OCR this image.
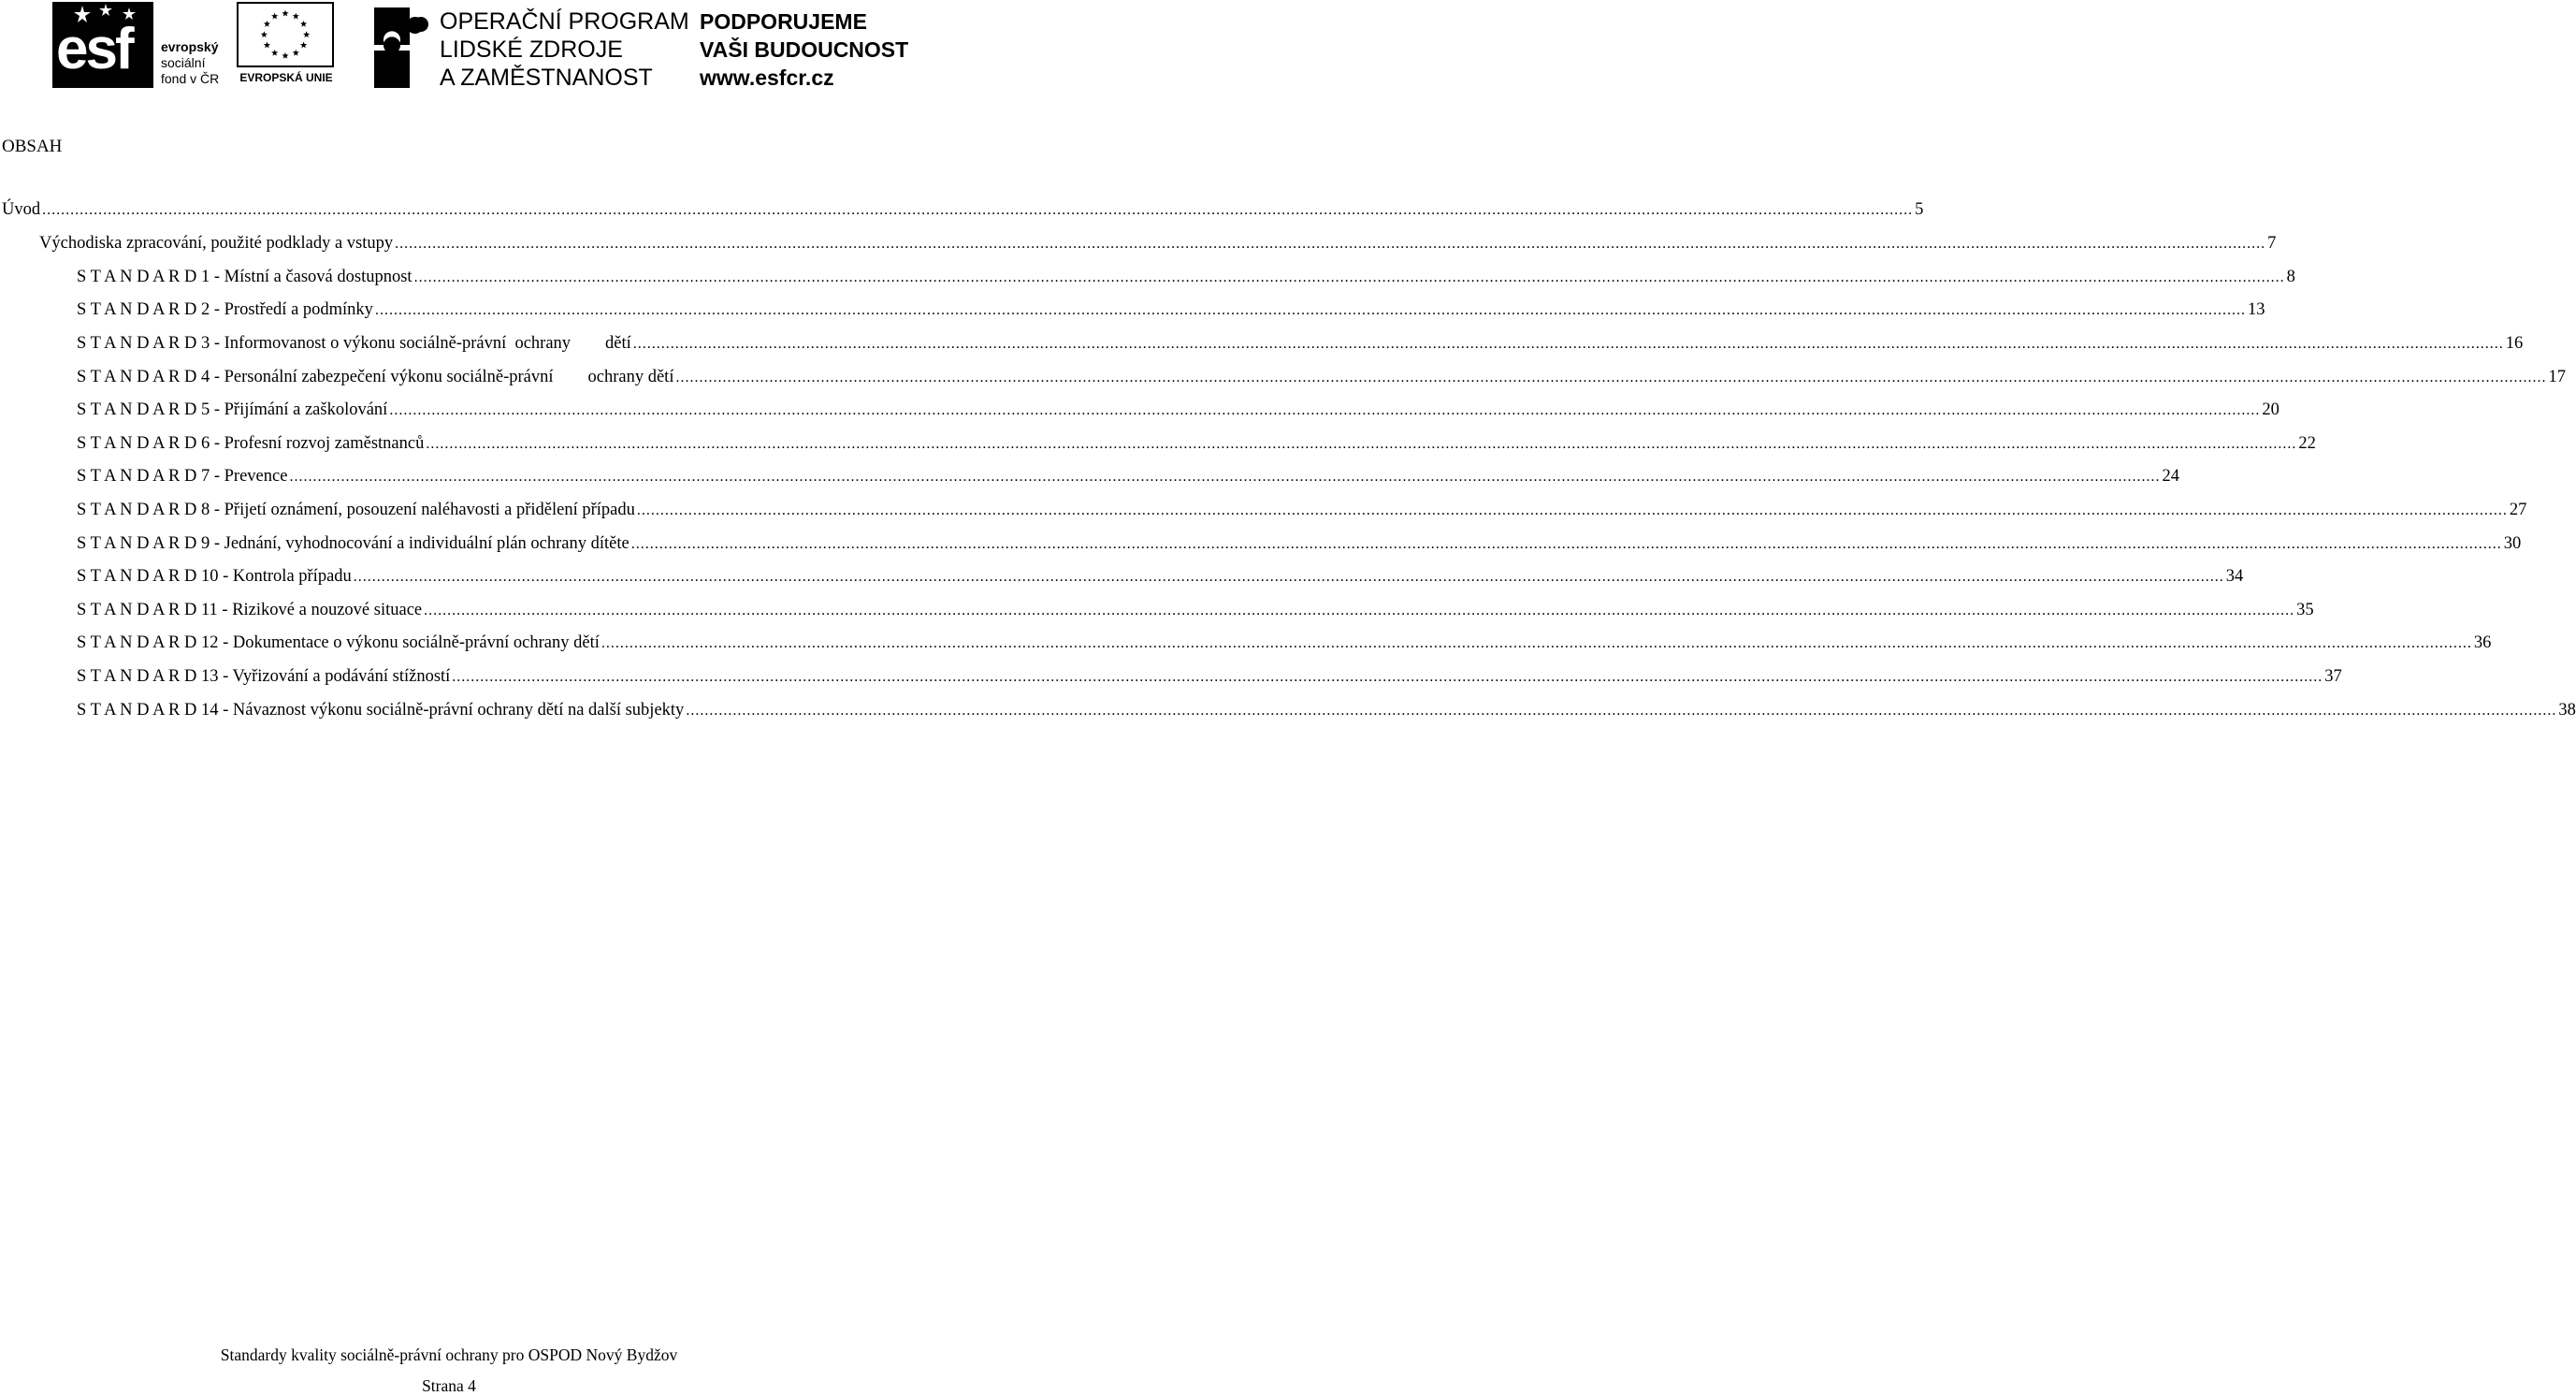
esf evropský
sociální
fond v ČR	EVROPSKÁ UNIE
OPERAČNÍ PROGRAM
LIDSKÉ ZDROJE
A ZAMĚSTNANOST
PODPORUJEME
VAŠI BUDOUCNOST
www.esfcr.cz
OBSAH
Úvod ................................................................................................................................................................................................................................................................................................................................................................................................................ 5
Východiska zpracování, použité podklady a vstupy ................................................................................................................................................................................................................................................................................................................................................................................................................ 7
S T A N D A R D 1 - Místní a časová dostupnost ................................................................................................................................................................................................................................................................................................................................................................................................................ 8
S T A N D A R D 2 - Prostředí a podmínky ................................................................................................................................................................................................................................................................................................................................................................................................................ 13
S T A N D A R D 3 - Informovanost o výkonu sociálně-právní  ochrany        dětí ................................................................................................................................................................................................................................................................................................................................................................................................................ 16
S T A N D A R D 4 - Personální zabezpečení výkonu sociálně-právní        ochrany dětí ................................................................................................................................................................................................................................................................................................................................................................................................................ 17
S T A N D A R D 5 - Přijímání a zaškolování ................................................................................................................................................................................................................................................................................................................................................................................................................ 20
S T A N D A R D 6 - Profesní rozvoj zaměstnanců ................................................................................................................................................................................................................................................................................................................................................................................................................ 22
S T A N D A R D 7 - Prevence ................................................................................................................................................................................................................................................................................................................................................................................................................ 24
S T A N D A R D 8 - Přijetí oznámení, posouzení naléhavosti a přidělení případu ................................................................................................................................................................................................................................................................................................................................................................................................................ 27
S T A N D A R D 9 - Jednání, vyhodnocování a individuální plán ochrany dítěte ................................................................................................................................................................................................................................................................................................................................................................................................................ 30
S T A N D A R D 10 - Kontrola případu ................................................................................................................................................................................................................................................................................................................................................................................................................ 34
S T A N D A R D 11 - Rizikové a nouzové situace ................................................................................................................................................................................................................................................................................................................................................................................................................ 35
S T A N D A R D 12 - Dokumentace o výkonu sociálně-právní ochrany dětí ................................................................................................................................................................................................................................................................................................................................................................................................................ 36
S T A N D A R D 13 - Vyřizování a podávání stížností ................................................................................................................................................................................................................................................................................................................................................................................................................ 37
S T A N D A R D 14 - Návaznost výkonu sociálně-právní ochrany dětí na další subjekty ................................................................................................................................................................................................................................................................................................................................................................................................................ 38
Standardy kvality sociálně-právní ochrany pro OSPOD Nový Bydžov
Strana 4
